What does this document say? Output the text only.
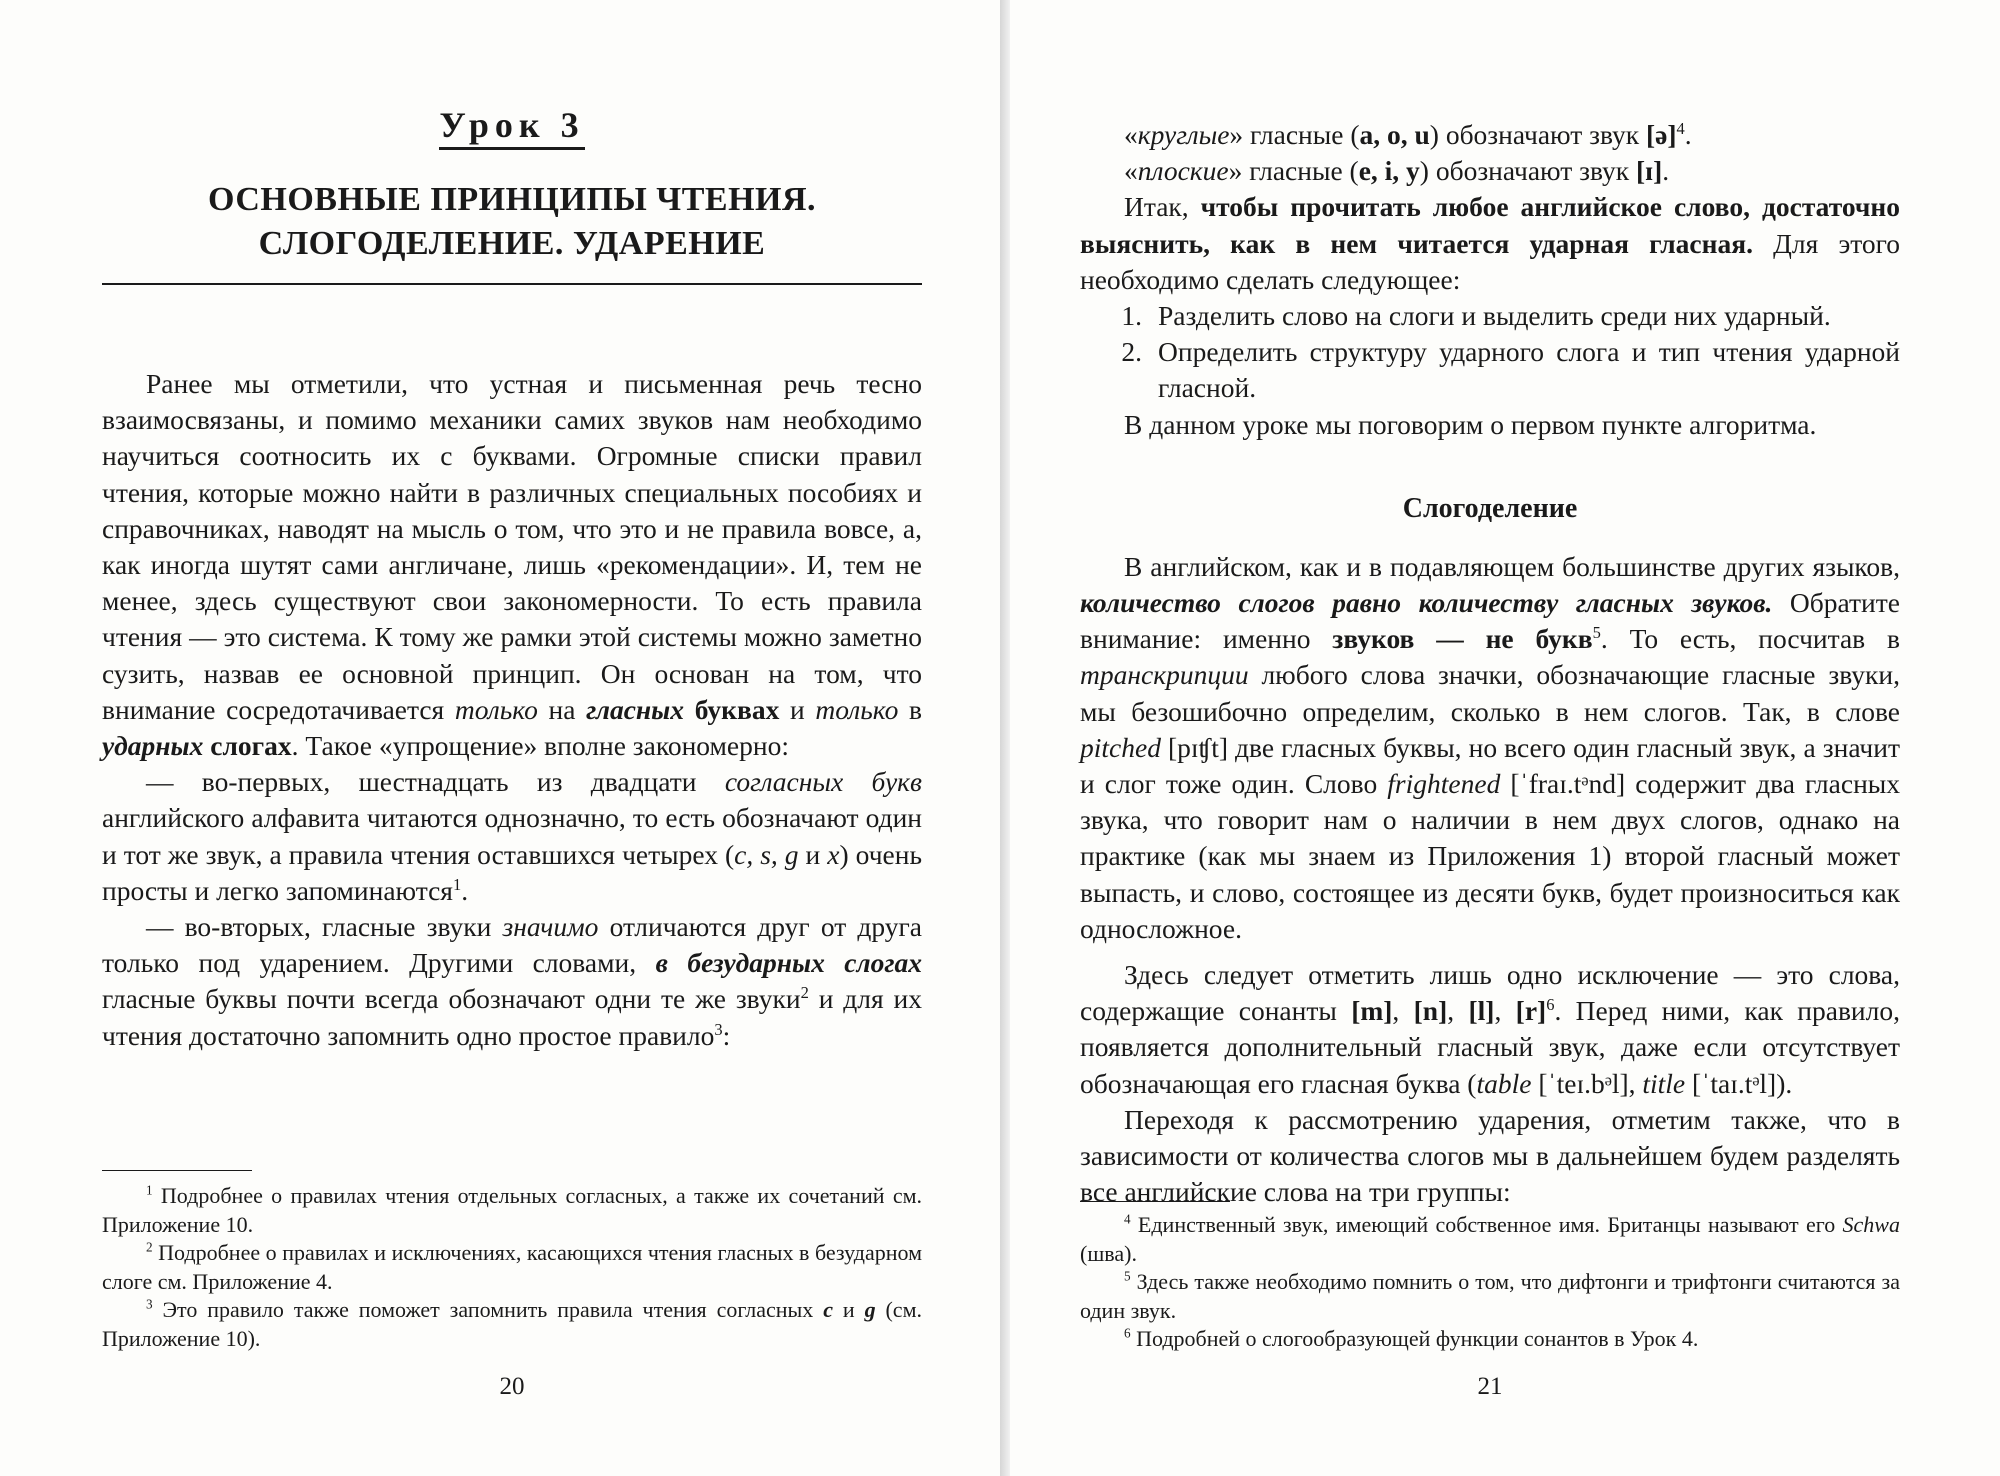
Урок 3
ОСНОВНЫЕ ПРИНЦИПЫ ЧТЕНИЯ.
СЛОГОДЕЛЕНИЕ. УДАРЕНИЕ

Ранее мы отметили, что устная и письменная речь тесно взаимосвязаны, и помимо механики самих звуков нам необходимо научиться соотносить их с буквами. Огромные списки правил чтения, которые можно найти в различных специальных пособиях и справочниках, наводят на мысль о том, что это и не правила вовсе, а, как иногда шутят сами англичане, лишь «рекомендации». И, тем не менее, здесь существуют свои закономерности. То есть правила чтения — это система. К тому же рамки этой системы можно заметно сузить, назвав ее основной принцип. Он основан на том, что внимание сосредотачивается только на гласных буквах и только в ударных слогах. Такое «упрощение» вполне закономерно:

— во-первых, шестнадцать из двадцати согласных букв английского алфавита читаются однозначно, то есть обозначают один и тот же звук, а правила чтения оставшихся четырех (c, s, g и x) очень просты и легко запоминаются$^1$.

— во-вторых, гласные звуки значимо отличаются друг от друга только под ударением. Другими словами, в безударных слогах гласные буквы почти всегда обозначают одни те же звуки$^2$ и для их чтения достаточно запомнить одно простое правило$^3$:

$^1$ Подробнее о правилах чтения отдельных согласных, а также их сочетаний см. Приложение 10.

$^2$ Подробнее о правилах и исключениях, касающихся чтения гласных в безударном слоге см. Приложение 4.

$^3$ Это правило также поможет запомнить правила чтения согласных c и g (см. Приложение 10).

20

«круглые» гласные (a, o, u) обозначают звук [ə]$^4$.

«плоские» гласные (e, i, y) обозначают звук [ɪ].

Итак, чтобы прочитать любое английское слово, достаточно выяснить, как в нем читается ударная гласная. Для этого необходимо сделать следующее:

1. Разделить слово на слоги и выделить среди них ударный.
2. Определить структуру ударного слога и тип чтения ударной гласной.

В данном уроке мы поговорим о первом пункте алгоритма.

Слогоделение

В английском, как и в подавляющем большинстве других языков, количество слогов равно количеству гласных звуков. Обратите внимание: именно звуков — не букв$^5$. То есть, посчитав в транскрипции любого слова значки, обозначающие гласные звуки, мы безошибочно определим, сколько в нем слогов. Так, в слове pitched [pɪʧt] две гласных буквы, но всего один гласный звук, а значит и слог тоже один. Слово frightened [ˈfraɪ.tᵊnd] содержит два гласных звука, что говорит нам о наличии в нем двух слогов, однако на практике (как мы знаем из Приложения 1) второй гласный может выпасть, и слово, состоящее из десяти букв, будет произноситься как односложное.

Здесь следует отметить лишь одно исключение — это слова, содержащие сонанты [m], [n], [l], $[r]^6$. Перед ними, как правило, появляется дополнительный гласный звук, даже если отсутствует обозначающая его гласная буква (table [ˈteɪ.bᵊl], title [ˈtaɪ.tᵊl]).

Переходя к рассмотрению ударения, отметим также, что в зависимости от количества слогов мы в дальнейшем будем разделять все английские слова на три группы:

$^4$ Единственный звук, имеющий собственное имя. Британцы называют его Schwa (шва).

$^5$ Здесь также необходимо помнить о том, что дифтонги и трифтонги считаются за один звук.

$^6$ Подробней о слогообразующей функции сонантов в Урок 4.

21
